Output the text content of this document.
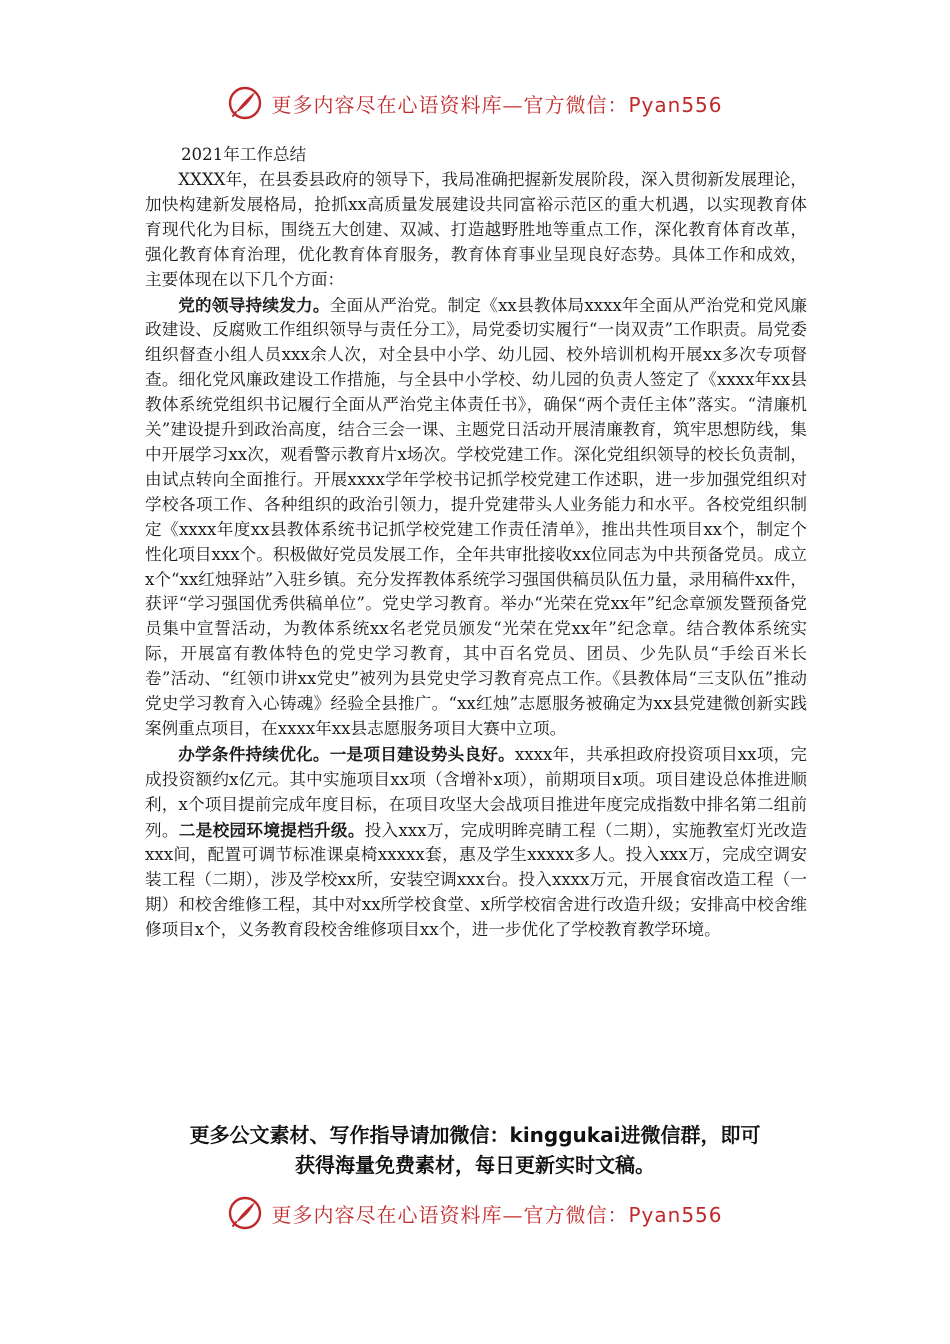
更多内容尽在心语资料库—官方微信：Pyan556

2021年工作总结

XXXX年，在县委县政府的领导下，我局准确把握新发展阶段，深入贯彻新发展理论，加快构建新发展格局，抢抓xx高质量发展建设共同富裕示范区的重大机遇，以实现教育体育现代化为目标，围绕五大创建、双减、打造越野胜地等重点工作，深化教育体育改革，强化教育体育治理，优化教育体育服务，教育体育事业呈现良好态势。具体工作和成效，主要体现在以下几个方面：

党的领导持续发力。全面从严治党。制定《xx县教体局xxxx年全面从严治党和党风廉政建设、反腐败工作组织领导与责任分工》，局党委切实履行“一岗双责”工作职责。局党委组织督查小组人员xxx余人次，对全县中小学、幼儿园、校外培训机构开展xx多次专项督查。细化党风廉政建设工作措施，与全县中小学校、幼儿园的负责人签定了《xxxx年xx县教体系统党组织书记履行全面从严治党主体责任书》，确保“两个责任主体”落实。“清廉机关”建设提升到政治高度，结合三会一课、主题党日活动开展清廉教育，筑牢思想防线，集中开展学习xx次，观看警示教育片x场次。学校党建工作。深化党组织领导的校长负责制，由试点转向全面推行。开展xxxx学年学校书记抓学校党建工作述职，进一步加强党组织对学校各项工作、各种组织的政治引领力，提升党建带头人业务能力和水平。各校党组织制定《xxxx年度xx县教体系统书记抓学校党建工作责任清单》，推出共性项目xx个，制定个性化项目xxx个。积极做好党员发展工作，全年共审批接收xx位同志为中共预备党员。成立x个“xx红烛驿站”入驻乡镇。充分发挥教体系统学习强国供稿员队伍力量，录用稿件xx件，获评“学习强国优秀供稿单位”。党史学习教育。举办“光荣在党xx年”纪念章颁发暨预备党员集中宣誓活动，为教体系统xx名老党员颁发“光荣在党xx年”纪念章。结合教体系统实际，开展富有教体特色的党史学习教育，其中百名党员、团员、少先队员“手绘百米长卷”活动、“红领巾讲xx党史”被列为县党史学习教育亮点工作。《县教体局“三支队伍”推动党史学习教育入心铸魂》经验全县推广。“xx红烛”志愿服务被确定为xx县党建微创新实践案例重点项目，在xxxx年xx县志愿服务项目大赛中立项。

办学条件持续优化。一是项目建设势头良好。xxxx年，共承担政府投资项目xx项，完成投资额约x亿元。其中实施项目xx项（含增补x项），前期项目x项。项目建设总体推进顺利，x个项目提前完成年度目标，在项目攻坚大会战项目推进年度完成指数中排名第二组前列。二是校园环境提档升级。投入xxx万，完成明眸亮睛工程（二期），实施教室灯光改造xxx间，配置可调节标准课桌椅xxxxx套，惠及学生xxxxx多人。投入xxx万，完成空调安装工程（二期），涉及学校xx所，安装空调xxx台。投入xxxx万元，开展食宿改造工程（一期）和校舍维修工程，其中对xx所学校食堂、x所学校宿舍进行改造升级；安排高中校舍维修项目x个，义务教育段校舍维修项目xx个，进一步优化了学校教育教学环境。

更多公文素材、写作指导请加微信：kinggukai进微信群，即可
获得海量免费素材，每日更新实时文稿。
更多内容尽在心语资料库—官方微信：Pyan556
